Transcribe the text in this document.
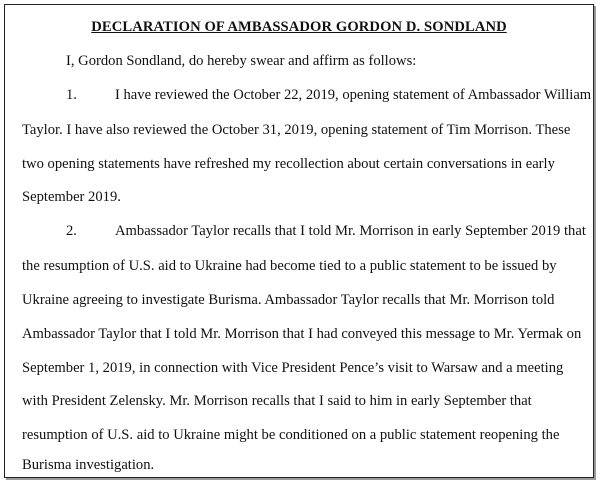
DECLARATION OF AMBASSADOR GORDON D. SONDLAND
I, Gordon Sondland, do hereby swear and affirm as follows:
1.	I have reviewed the October 22, 2019, opening statement of Ambassador William
Taylor. I have also reviewed the October 31, 2019, opening statement of Tim Morrison. These
two opening statements have refreshed my recollection about certain conversations in early
September 2019.
2.	Ambassador Taylor recalls that I told Mr. Morrison in early September 2019 that
the resumption of U.S. aid to Ukraine had become tied to a public statement to be issued by
Ukraine agreeing to investigate Burisma. Ambassador Taylor recalls that Mr. Morrison told
Ambassador Taylor that I told Mr. Morrison that I had conveyed this message to Mr. Yermak on
September 1, 2019, in connection with Vice President Pence’s visit to Warsaw and a meeting
with President Zelensky. Mr. Morrison recalls that I said to him in early September that
resumption of U.S. aid to Ukraine might be conditioned on a public statement reopening the
Burisma investigation.
